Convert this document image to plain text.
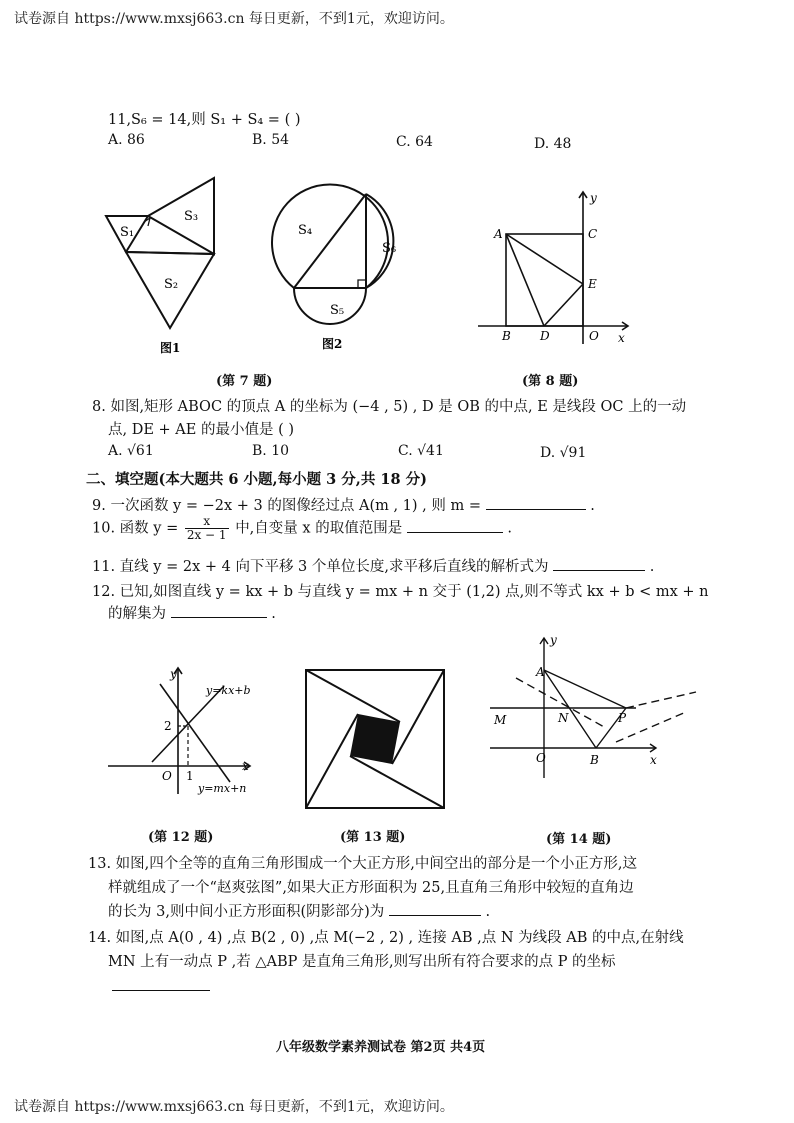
试卷源自 https://www.mxsj663.cn 每日更新，不到1元，欢迎访问。
试卷源自 https://www.mxsj663.cn 每日更新，不到1元，欢迎访问。
11,S₆ = 14,则 S₁ + S₄ = ( )
A. 86	B. 54	C. 64	D. 48
S₁
S₃
S₂
图1
S₄
S₆
S₅
图2
y
x
A	C
E
B D	O
(第 7 题)	(第 8 题)
8. 如图,矩形 ABOC 的顶点 A 的坐标为 (−4 , 5) , D 是 OB 的中点, E 是线段 OC 上的一动
点, DE + AE 的最小值是 ( )
A. √61	B. 10	C. √41	D. √91
二、填空题(本大题共 6 小题,每小题 3 分,共 18 分)
9. 一次函数 y = −2x + 3 的图像经过点 A(m , 1) , 则 m =	.
10. 函数 $y = \frac{x}{2x - 1}$ 中,自变量 x 的取值范围是	.
11. 直线 y = 2x + 4 向下平移 3 个单位长度,求平移后直线的解析式为	.
12. 已知,如图直线 y = kx + b 与直线 y = mx + n 交于 (1,2) 点,则不等式 kx + b < mx + n
的解集为	.
y
x
y=kx+b
y=mx+n
2
1
O
A
M	N	P
O	B	x
y
(第 12 题)	(第 13 题)	(第 14 题)
13. 如图,四个全等的直角三角形围成一个大正方形,中间空出的部分是一个小正方形,这
样就组成了一个“赵爽弦图”,如果大正方形面积为 25,且直角三角形中较短的直角边
的长为 3,则中间小正方形面积(阴影部分)为	.
14. 如图,点 A(0 , 4) ,点 B(2 , 0) ,点 M(−2 , 2) , 连接 AB ,点 N 为线段 AB 的中点,在射线
MN 上有一动点 P ,若 △ABP 是直角三角形,则写出所有符合要求的点 P 的坐标
八年级数学素养测试卷 第2页 共4页
